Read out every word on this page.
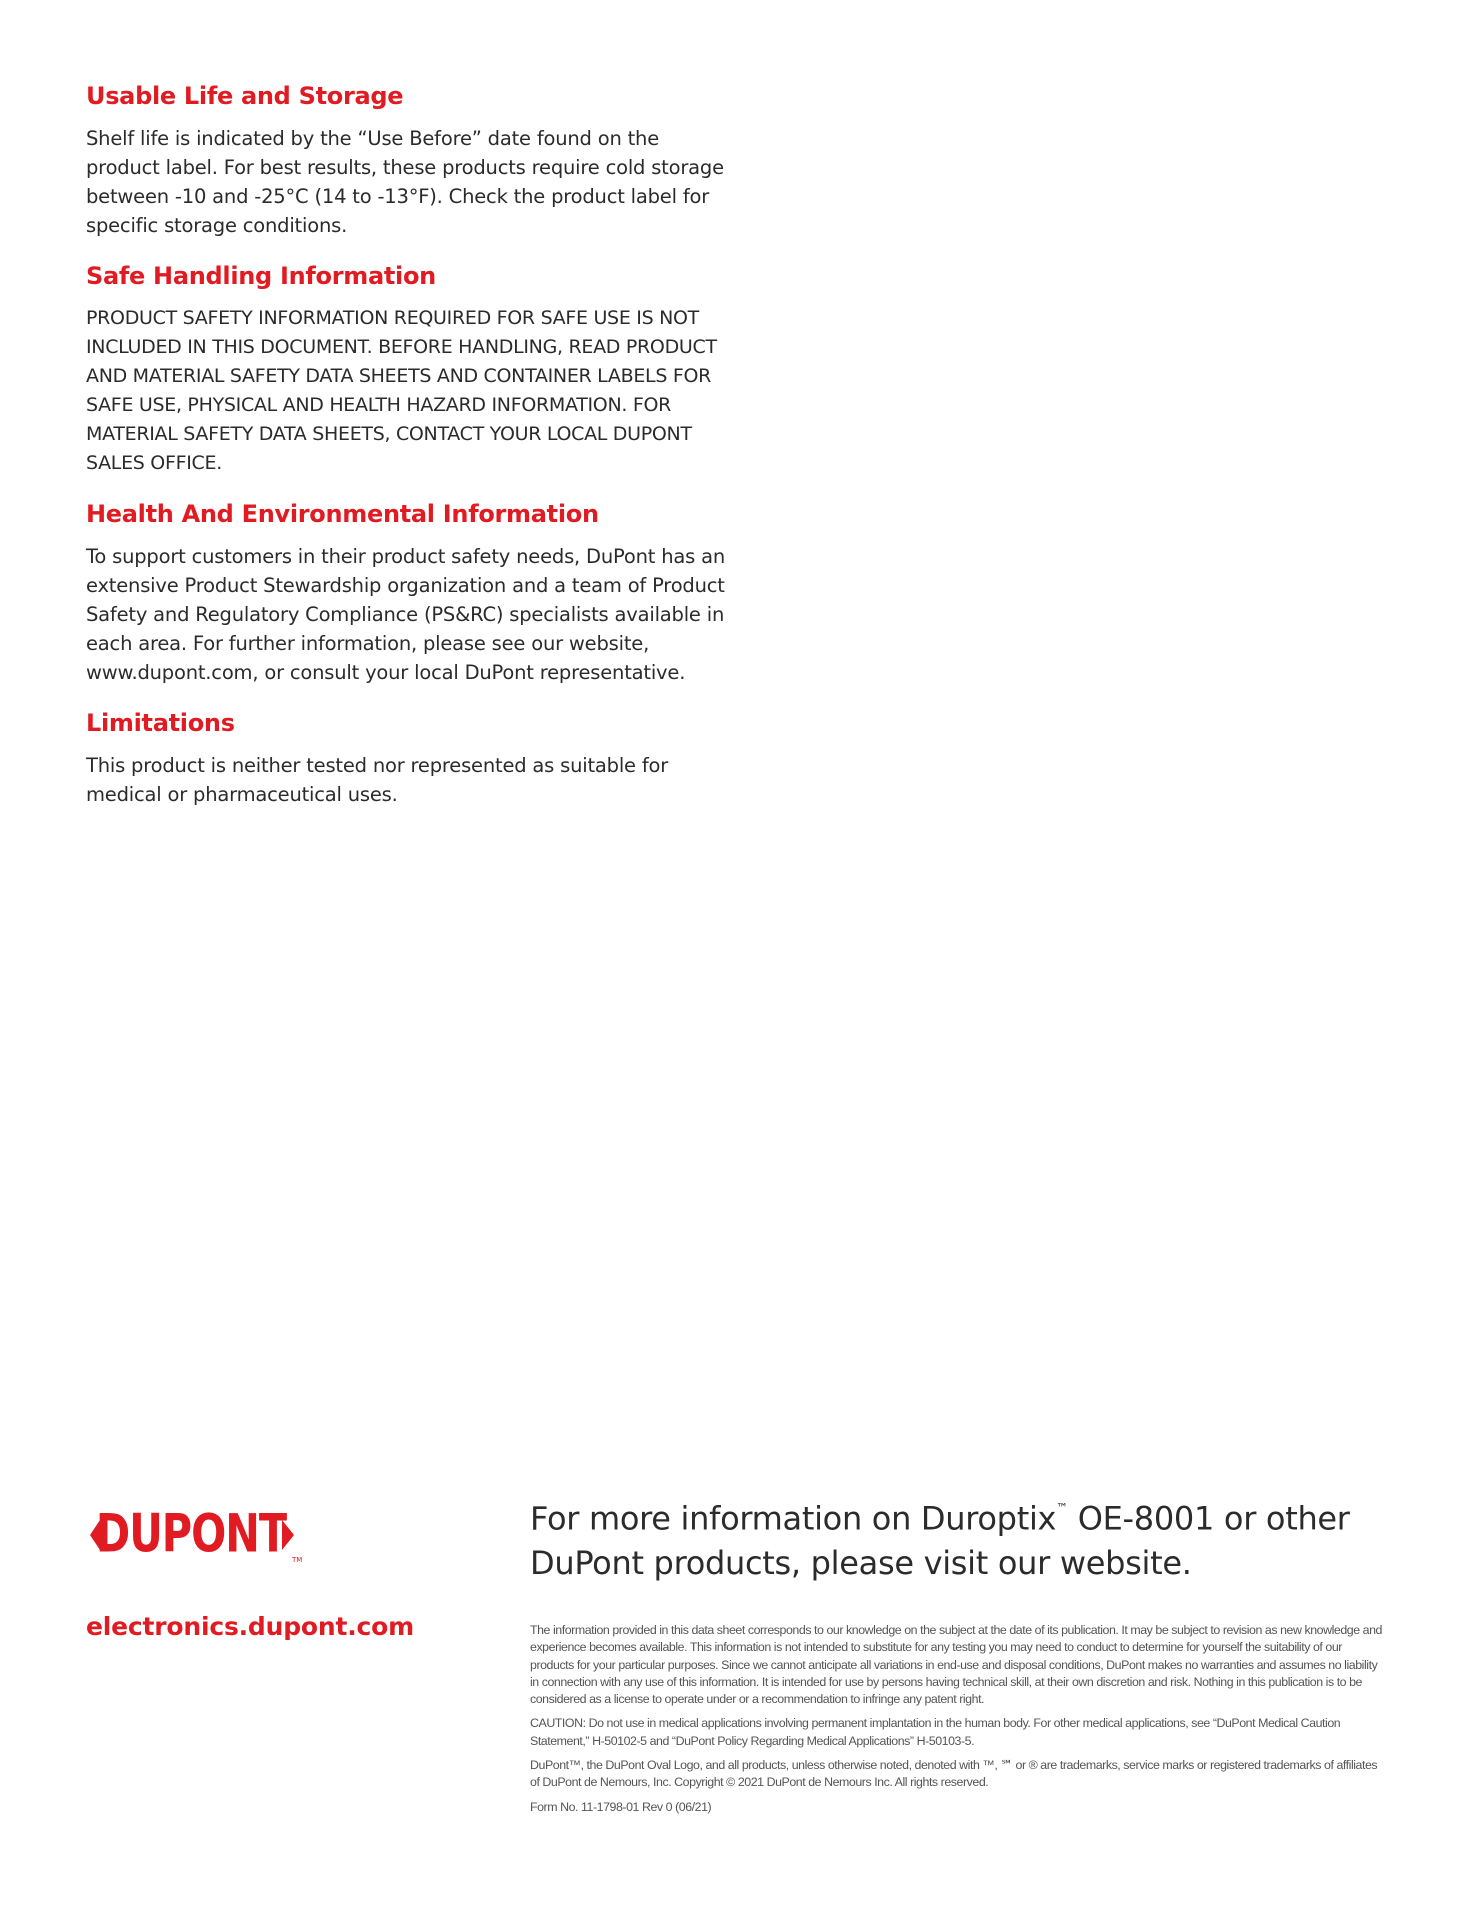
Usable Life and Storage

Shelf life is indicated by the “Use Before” date found on the product label. For best results, these products require cold storage between -10 and -25°C (14 to -13°F). Check the product label for specific storage conditions.

Safe Handling Information

PRODUCT SAFETY INFORMATION REQUIRED FOR SAFE USE IS NOT INCLUDED IN THIS DOCUMENT. BEFORE HANDLING, READ PRODUCT AND MATERIAL SAFETY DATA SHEETS AND CONTAINER LABELS FOR SAFE USE, PHYSICAL AND HEALTH HAZARD INFORMATION. FOR MATERIAL SAFETY DATA SHEETS, CONTACT YOUR LOCAL DUPONT SALES OFFICE.

Health And Environmental Information

To support customers in their product safety needs, DuPont has an extensive Product Stewardship organization and a team of Product Safety and Regulatory Compliance (PS&RC) specialists available in each area. For further information, please see our website, www.dupont.com, or consult your local DuPont representative.

Limitations

This product is neither tested nor represented as suitable for medical or pharmaceutical uses.

DUPONT TM
electronics.dupont.com
For more information on Duroptix™ OE-8001 or other
DuPont products, please visit our website.

The information provided in this data sheet corresponds to our knowledge on the subject at the date of its publication. It may be subject to revision as new knowledge and experience becomes available. This information is not intended to substitute for any testing you may need to conduct to determine for yourself the suitability of our products for your particular purposes. Since we cannot anticipate all variations in end-use and disposal conditions, DuPont makes no warranties and assumes no liability in connection with any use of this information. It is intended for use by persons having technical skill, at their own discretion and risk. Nothing in this publication is to be considered as a license to operate under or a recommendation to infringe any patent right.

CAUTION: Do not use in medical applications involving permanent implantation in the human body. For other medical applications, see “DuPont Medical Caution Statement,” H-50102-5 and “DuPont Policy Regarding Medical Applications” H-50103-5.

DuPont™, the DuPont Oval Logo, and all products, unless otherwise noted, denoted with ™, ℠ or ® are trademarks, service marks or registered trademarks of affiliates of DuPont de Nemours, Inc. Copyright © 2021 DuPont de Nemours Inc. All rights reserved.

Form No. 11-1798-01 Rev 0 (06/21)
